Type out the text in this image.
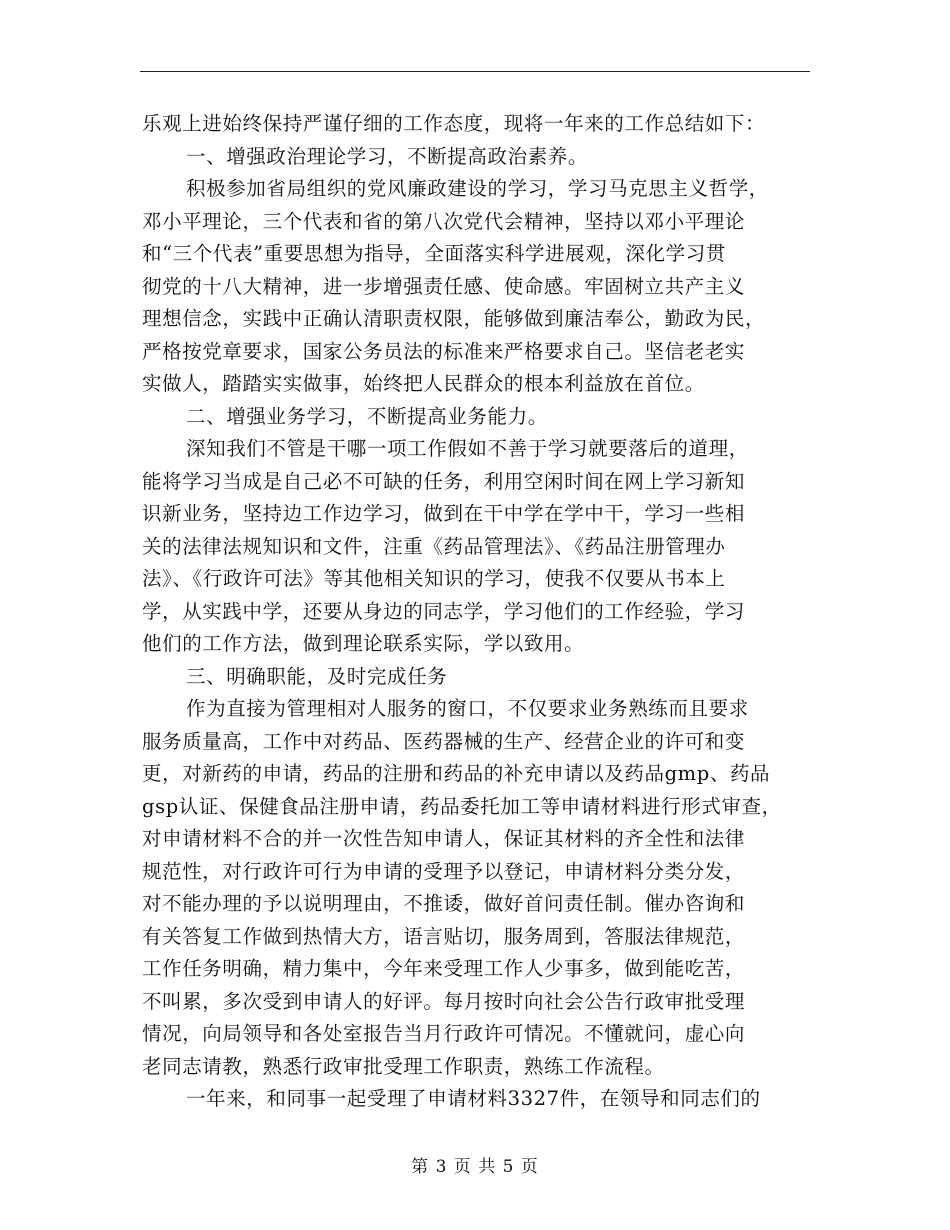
乐观上进始终保持严谨仔细的工作态度，现将一年来的工作总结如下：
一、增强政治理论学习，不断提高政治素养。
积极参加省局组织的党风廉政建设的学习，学习马克思主义哲学，
邓小平理论，三个代表和省的第八次党代会精神，坚持以邓小平理论
和“三个代表”重要思想为指导，全面落实科学进展观，深化学习贯
彻党的十八大精神，进一步增强责任感、使命感。牢固树立共产主义
理想信念，实践中正确认清职责权限，能够做到廉洁奉公，勤政为民，
严格按党章要求，国家公务员法的标准来严格要求自己。坚信老老实
实做人，踏踏实实做事，始终把人民群众的根本利益放在首位。
二、增强业务学习，不断提高业务能力。
深知我们不管是干哪一项工作假如不善于学习就要落后的道理，
能将学习当成是自己必不可缺的任务，利用空闲时间在网上学习新知
识新业务，坚持边工作边学习，做到在干中学在学中干，学习一些相
关的法律法规知识和文件，注重《药品管理法》、《药品注册管理办
法》、《行政许可法》等其他相关知识的学习，使我不仅要从书本上
学，从实践中学，还要从身边的同志学，学习他们的工作经验，学习
他们的工作方法，做到理论联系实际，学以致用。
三、明确职能，及时完成任务
作为直接为管理相对人服务的窗口，不仅要求业务熟练而且要求
服务质量高，工作中对药品、医药器械的生产、经营企业的许可和变
更，对新药的申请，药品的注册和药品的补充申请以及药品gmp、药品
gsp认证、保健食品注册申请，药品委托加工等申请材料进行形式审查，
对申请材料不合的并一次性告知申请人，保证其材料的齐全性和法律
规范性，对行政许可行为申请的受理予以登记，申请材料分类分发，
对不能办理的予以说明理由，不推诿，做好首问责任制。催办咨询和
有关答复工作做到热情大方，语言贴切，服务周到，答服法律规范，
工作任务明确，精力集中，今年来受理工作人少事多，做到能吃苦，
不叫累，多次受到申请人的好评。每月按时向社会公告行政审批受理
情况，向局领导和各处室报告当月行政许可情况。不懂就问，虚心向
老同志请教，熟悉行政审批受理工作职责，熟练工作流程。
一年来，和同事一起受理了申请材料3327件，在领导和同志们的
第 3 页 共 5 页
